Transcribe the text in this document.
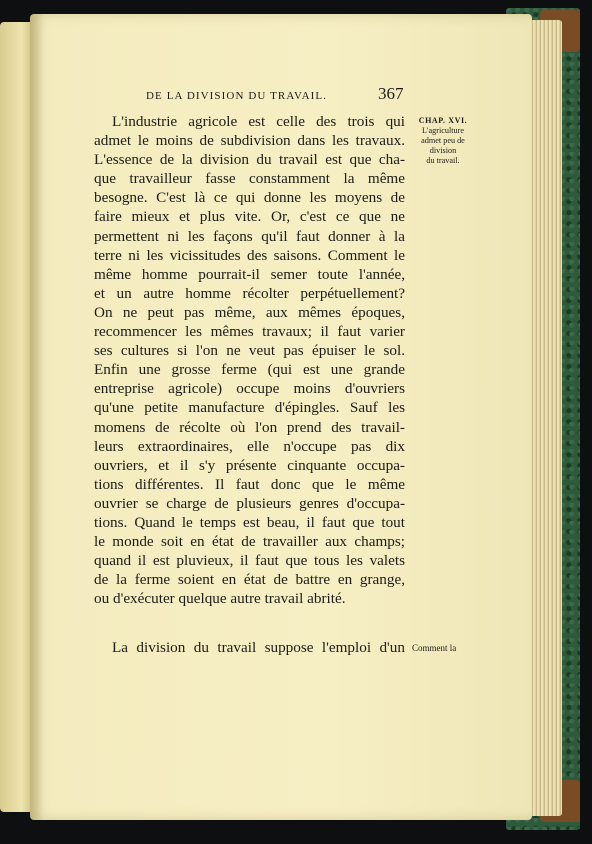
DE LA DIVISION DU TRAVAIL.	367
CHAP. XVI.
L'agriculture
admet peu de
division
du travail.
L'industrie agricole est celle des trois qui
admet le moins de subdivision dans les travaux.
L'essence de la division du travail est que cha-
que travailleur fasse constamment la même
besogne. C'est là ce qui donne les moyens de
faire mieux et plus vite. Or, c'est ce que ne
permettent ni les façons qu'il faut donner à la
terre ni les vicissitudes des saisons. Comment le
même homme pourrait-il semer toute l'année,
et un autre homme récolter perpétuellement?
On ne peut pas même, aux mêmes époques,
recommencer les mêmes travaux; il faut varier
ses cultures si l'on ne veut pas épuiser le sol.
Enfin une grosse ferme (qui est une grande
entreprise agricole) occupe moins d'ouvriers
qu'une petite manufacture d'épingles. Sauf les
momens de récolte où l'on prend des travail-
leurs extraordinaires, elle n'occupe pas dix
ouvriers, et il s'y présente cinquante occupa-
tions différentes. Il faut donc que le même
ouvrier se charge de plusieurs genres d'occupa-
tions. Quand le temps est beau, il faut que tout
le monde soit en état de travailler aux champs;
quand il est pluvieux, il faut que tous les valets
de la ferme soient en état de battre en grange,
ou d'exécuter quelque autre travail abrité.
La division du travail suppose l'emploi d'un Comment la
